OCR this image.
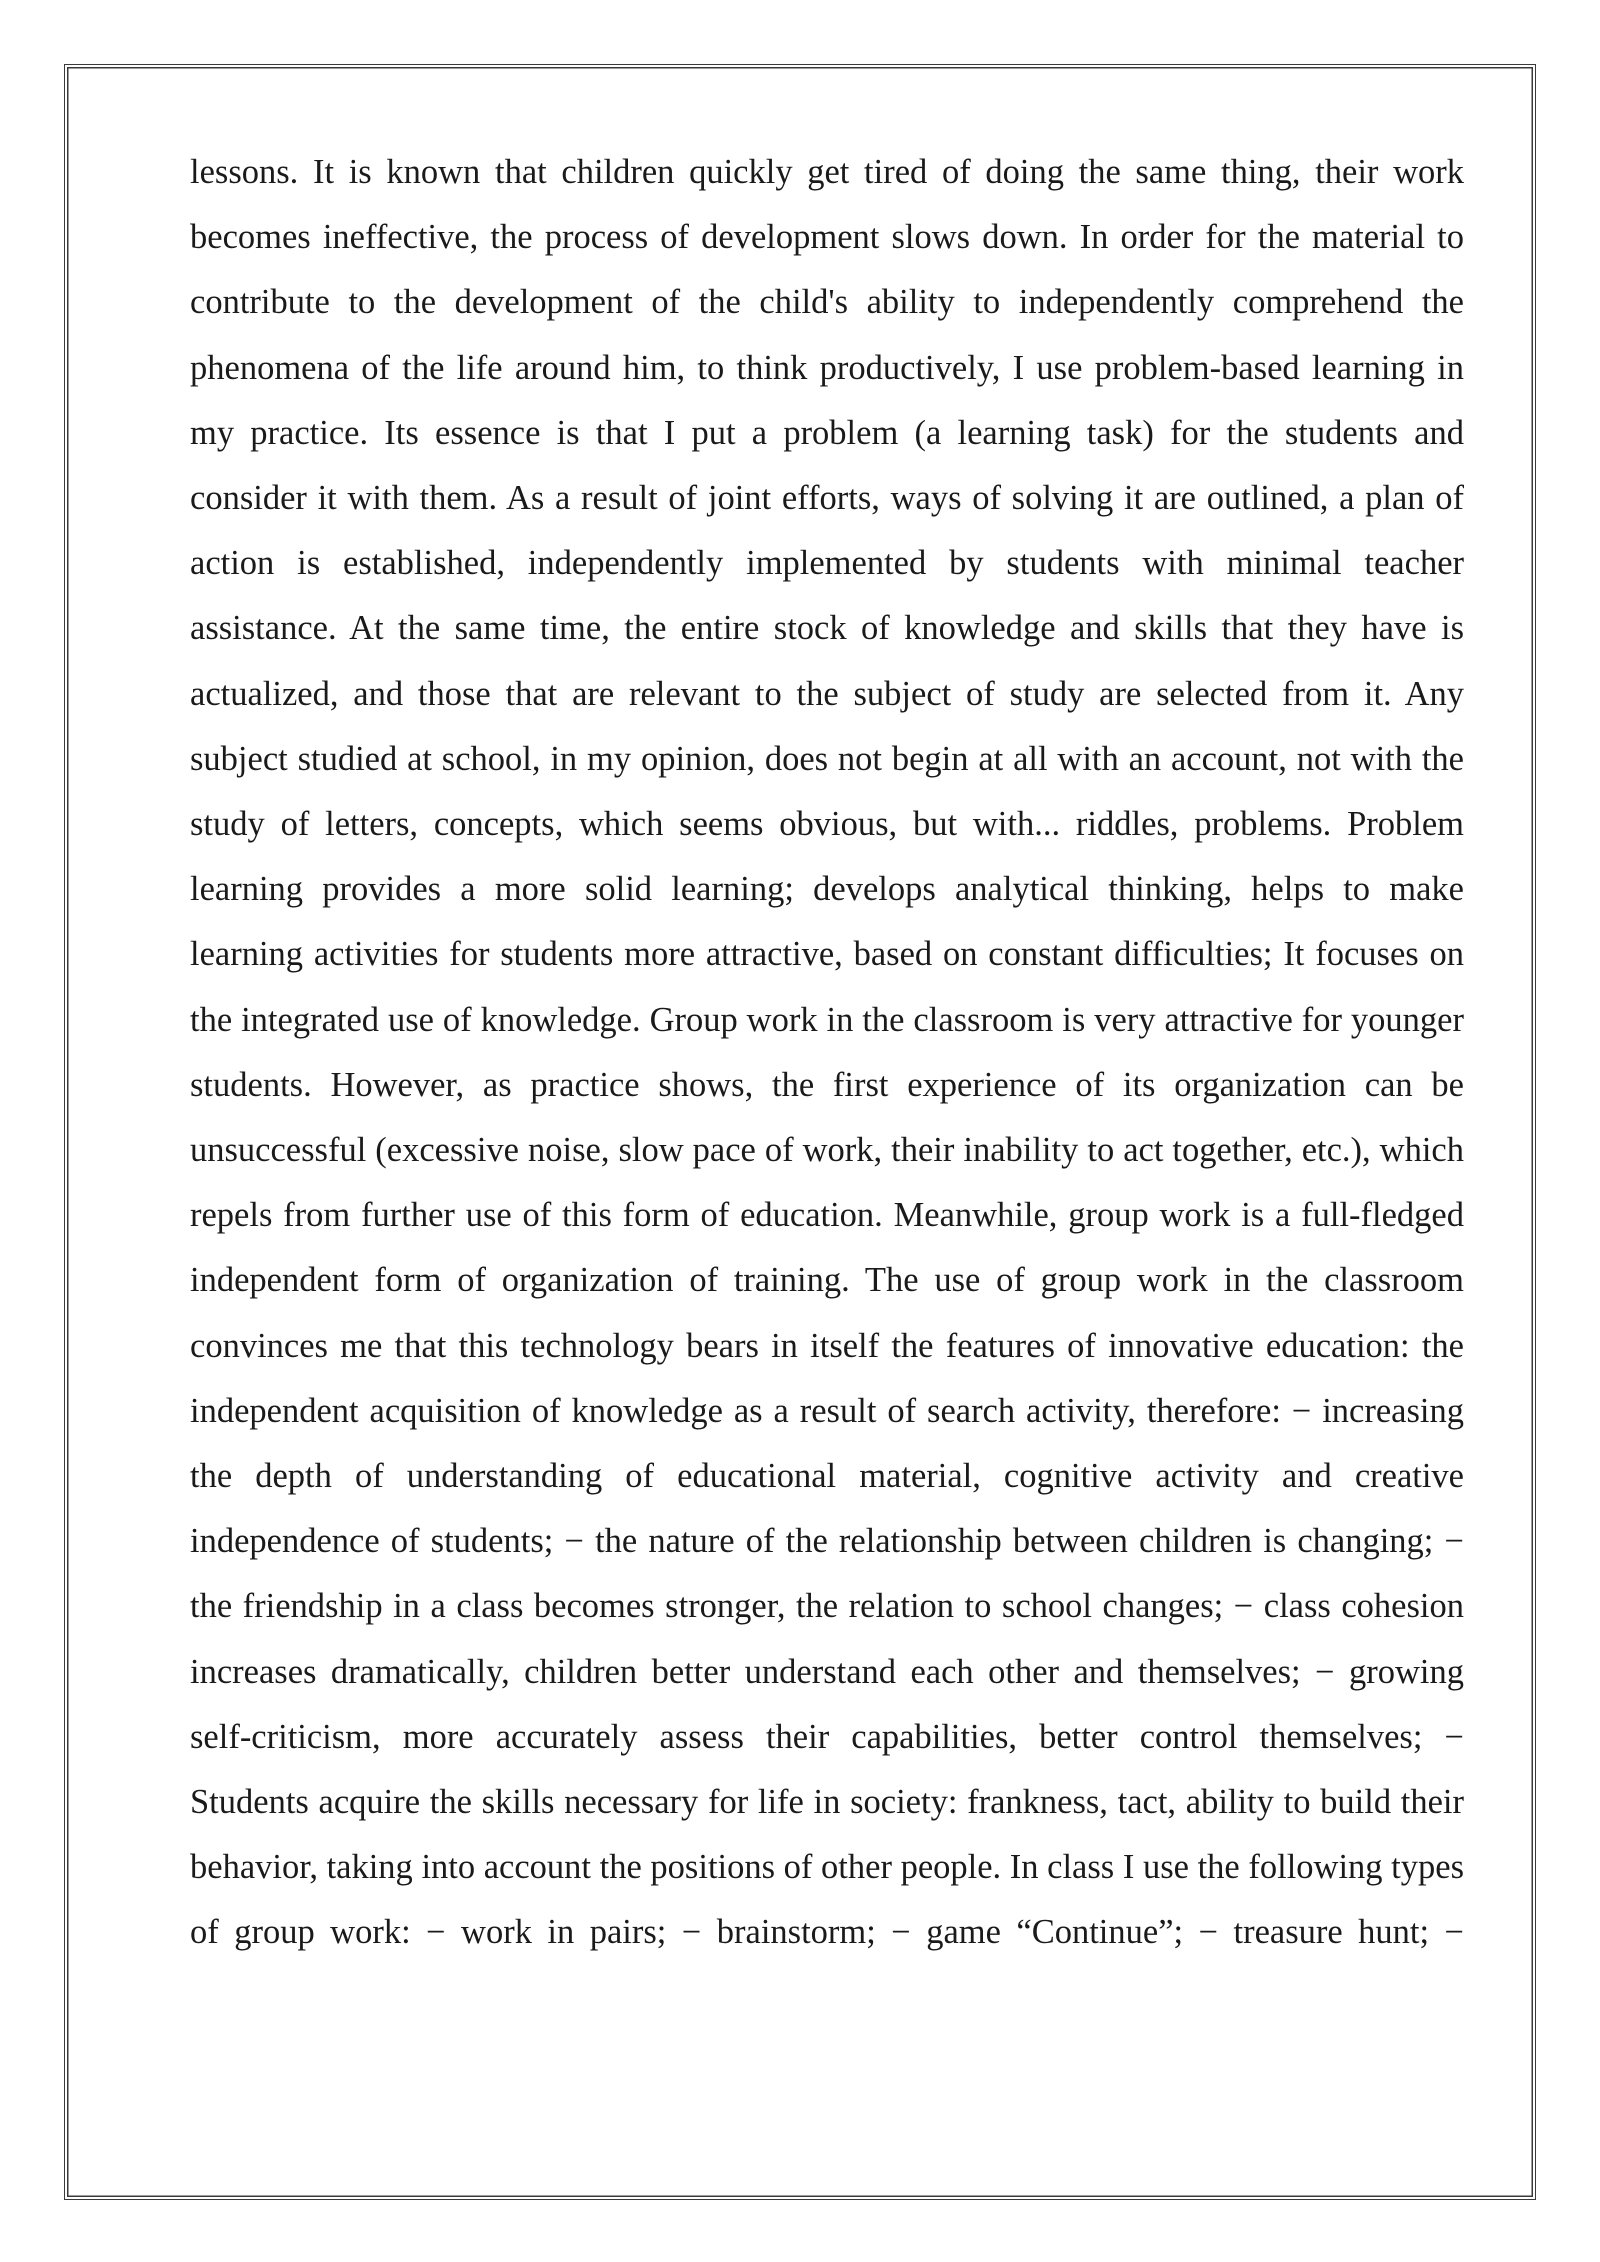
lessons. It is known that children quickly get tired of doing the same thing, their work becomes ineffective, the process of development slows down. In order for the material to contribute to the development of the child's ability to independently comprehend the phenomena of the life around him, to think productively, I use problem-based learning in my practice. Its essence is that I put a problem (a learning task) for the students and consider it with them. As a result of joint efforts, ways of solving it are outlined, a plan of action is established, independently implemented by students with minimal teacher assistance. At the same time, the entire stock of knowledge and skills that they have is actualized, and those that are relevant to the subject of study are selected from it. Any subject studied at school, in my opinion, does not begin at all with an account, not with the study of letters, concepts, which seems obvious, but with... riddles, problems. Problem learning provides a more solid learning; develops analytical thinking, helps to make learning activities for students more attractive, based on constant difficulties; It focuses on the integrated use of knowledge. Group work in the classroom is very attractive for younger students. However, as practice shows, the first experience of its organization can be unsuccessful (excessive noise, slow pace of work, their inability to act together, etc.), which repels from further use of this form of education. Meanwhile, group work is a full-fledged independent form of organization of training. The use of group work in the classroom convinces me that this technology bears in itself the features of innovative education: the independent acquisition of knowledge as a result of search activity, therefore: − increasing the depth of understanding of educational material, cognitive activity and creative independence of students; − the nature of the relationship between children is changing; − the friendship in a class becomes stronger, the relation to school changes; − class cohesion increases dramatically, children better understand each other and themselves; − growing self-criticism, more accurately assess their capabilities, better control themselves; − Students acquire the skills necessary for life in society: frankness, tact, ability to build their behavior, taking into account the positions of other people. In class I use the following types of group work: − work in pairs; − brainstorm; − game “Continue”; − treasure hunt; −
